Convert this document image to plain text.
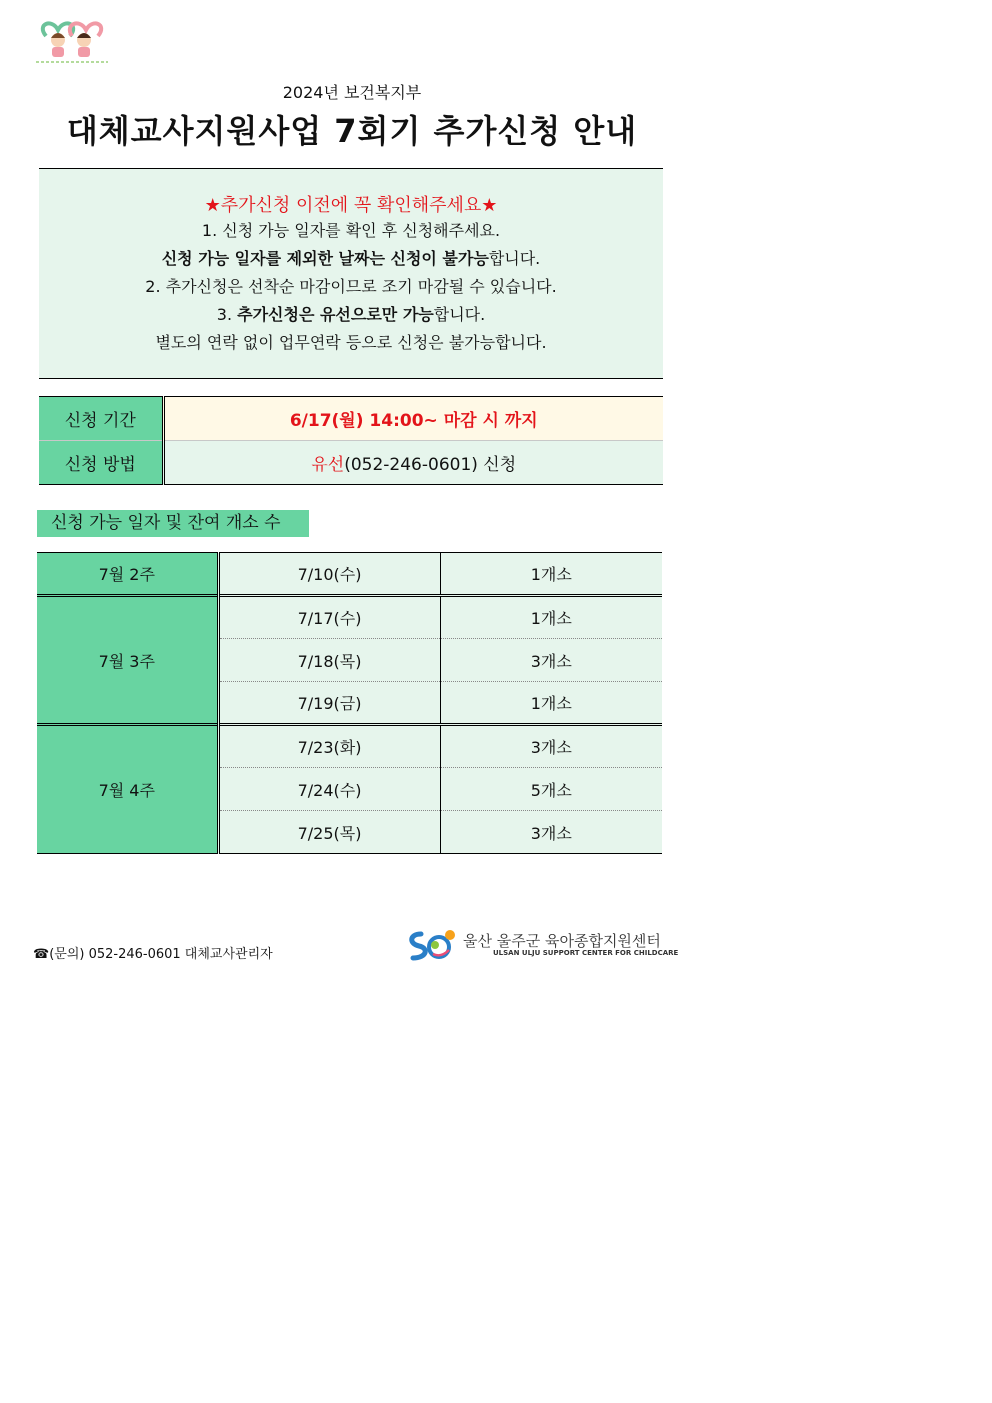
2024년 보건복지부
대체교사지원사업 7회기 추가신청 안내
★추가신청 이전에 꼭 확인해주세요★
1. 신청 가능 일자를 확인 후 신청해주세요.
신청 가능 일자를 제외한 날짜는 신청이 불가능합니다.
2. 추가신청은 선착순 마감이므로 조기 마감될 수 있습니다.
3. 추가신청은 유선으로만 가능합니다.
별도의 연락 없이 업무연락 등으로 신청은 불가능합니다.
신청 기간	6/17(월) 14:00~ 마감 시 까지
신청 방법	유선(052-246-0601) 신청
신청 가능 일자 및 잔여 개소 수
7월 2주	7/10(수)	1개소
7월 3주	7/17(수)	1개소
	7/18(목)	3개소
	7/19(금)	1개소
7월 4주	7/23(화)	3개소
	7/24(수)	5개소
	7/25(목)	3개소
☎(문의) 052-246-0601 대체교사관리자
울산 울주군 육아종합지원센터
ULSAN ULJU SUPPORT CENTER FOR CHILDCARE
